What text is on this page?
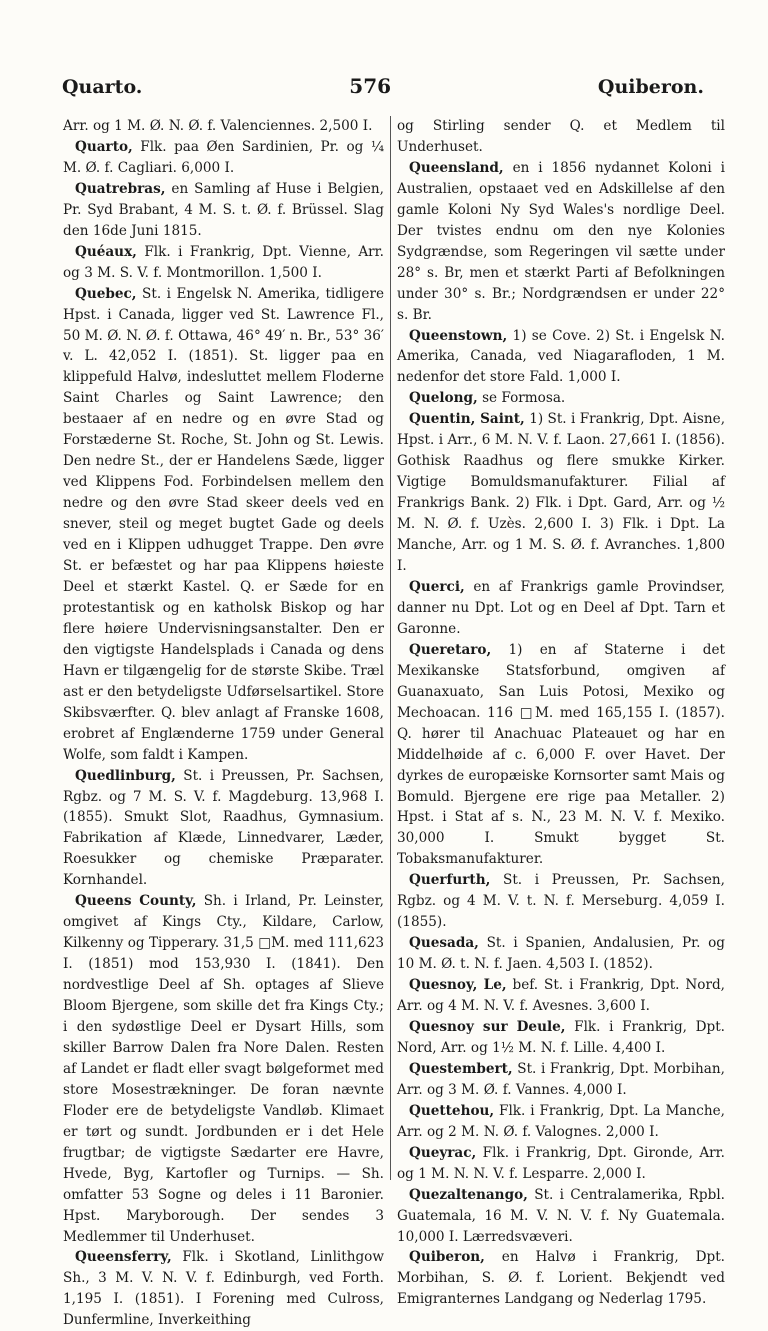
Quarto.	576	Quiberon.

Arr. og 1 M. Ø. N. Ø. f. Valenciennes. 2,500 I.

Quarto, Flk. paa Øen Sardinien, Pr. og ¼ M. Ø. f. Cagliari. 6,000 I.

Quatrebras, en Samling af Huse i Belgien, Pr. Syd Brabant, 4 M. S. t. Ø. f. Brüssel. Slag den 16de Juni 1815.

Quéaux, Flk. i Frankrig, Dpt. Vienne, Arr. og 3 M. S. V. f. Montmorillon. 1,500 I.

Quebec, St. i Engelsk N. Amerika, tidligere Hpst. i Canada, ligger ved St. Lawrence Fl., 50 M. Ø. N. Ø. f. Ottawa, 46° 49′ n. Br., 53° 36′ v. L. 42,052 I. (1851). St. ligger paa en klippefuld Halvø, indesluttet mellem Floderne Saint Charles og Saint Lawrence; den bestaaer af en nedre og en øvre Stad og Forstæderne St. Roche, St. John og St. Lewis. Den nedre St., der er Handelens Sæde, ligger ved Klippens Fod. Forbindelsen mellem den nedre og den øvre Stad skeer deels ved en snever, steil og meget bugtet Gade og deels ved en i Klippen udhugget Trappe. Den øvre St. er befæstet og har paa Klippens høieste Deel et stærkt Kastel. Q. er Sæde for en protestantisk og en katholsk Biskop og har flere høiere Undervisningsanstalter. Den er den vigtigste Handelsplads i Canada og dens Havn er tilgængelig for de største Skibe. Træl ast er den betydeligste Udførselsartikel. Store Skibsværfter. Q. blev anlagt af Franske 1608, erobret af Englænderne 1759 under General Wolfe, som faldt i Kampen.

Quedlinburg, St. i Preussen, Pr. Sachsen, Rgbz. og 7 M. S. V. f. Magdeburg. 13,968 I. (1855). Smukt Slot, Raadhus, Gymnasium. Fabrikation af Klæde, Linnedvarer, Læder, Roesukker og chemiske Præparater. Kornhandel.

Queens County, Sh. i Irland, Pr. Leinster, omgivet af Kings Cty., Kildare, Carlow, Kilkenny og Tipperary. 31,5 □M. med 111,623 I. (1851) mod 153,930 I. (1841). Den nordvestlige Deel af Sh. optages af Slieve Bloom Bjergene, som skille det fra Kings Cty.; i den sydøstlige Deel er Dysart Hills, som skiller Barrow Dalen fra Nore Dalen. Resten af Landet er fladt eller svagt bølgeformet med store Mosestrækninger. De foran nævnte Floder ere de betydeligste Vandløb. Klimaet er tørt og sundt. Jordbunden er i det Hele frugtbar; de vigtigste Sædarter ere Havre, Hvede, Byg, Kartofler og Turnips. — Sh. omfatter 53 Sogne og deles i 11 Baronier. Hpst. Maryborough. Der sendes 3 Medlemmer til Underhuset.

Queensferry, Flk. i Skotland, Linlithgow Sh., 3 M. V. N. V. f. Edinburgh, ved Forth. 1,195 I. (1851). I Forening med Culross, Dunfermline, Inverkeithing

og Stirling sender Q. et Medlem til Underhuset.

Queensland, en i 1856 nydannet Koloni i Australien, opstaaet ved en Adskillelse af den gamle Koloni Ny Syd Wales's nordlige Deel. Der tvistes endnu om den nye Kolonies Sydgrændse, som Regeringen vil sætte under 28° s. Br, men et stærkt Parti af Befolkningen under 30° s. Br.; Nordgrændsen er under 22° s. Br.

Queenstown, 1) se Cove. 2) St. i Engelsk N. Amerika, Canada, ved Niagarafloden, 1 M. nedenfor det store Fald. 1,000 I.

Quelong, se Formosa.

Quentin, Saint, 1) St. i Frankrig, Dpt. Aisne, Hpst. i Arr., 6 M. N. V. f. Laon. 27,661 I. (1856). Gothisk Raadhus og flere smukke Kirker. Vigtige Bomuldsmanufakturer. Filial af Frankrigs Bank. 2) Flk. i Dpt. Gard, Arr. og ½ M. N. Ø. f. Uzès. 2,600 I. 3) Flk. i Dpt. La Manche, Arr. og 1 M. S. Ø. f. Avranches. 1,800 I.

Querci, en af Frankrigs gamle Provindser, danner nu Dpt. Lot og en Deel af Dpt. Tarn et Garonne.

Queretaro, 1) en af Staterne i det Mexikanske Statsforbund, omgiven af Guanaxuato, San Luis Potosi, Mexiko og Mechoacan. 116 □M. med 165,155 I. (1857). Q. hører til Anachuac Plateauet og har en Middelhøide af c. 6,000 F. over Havet. Der dyrkes de europæiske Kornsorter samt Mais og Bomuld. Bjergene ere rige paa Metaller. 2) Hpst. i Stat af s. N., 23 M. N. V. f. Mexiko. 30,000 I. Smukt bygget St. Tobaksmanufakturer.

Querfurth, St. i Preussen, Pr. Sachsen, Rgbz. og 4 M. V. t. N. f. Merseburg. 4,059 I. (1855).

Quesada, St. i Spanien, Andalusien, Pr. og 10 M. Ø. t. N. f. Jaen. 4,503 I. (1852).

Quesnoy, Le, bef. St. i Frankrig, Dpt. Nord, Arr. og 4 M. N. V. f. Avesnes. 3,600 I.

Quesnoy sur Deule, Flk. i Frankrig, Dpt. Nord, Arr. og 1½ M. N. f. Lille. 4,400 I.

Questembert, St. i Frankrig, Dpt. Morbihan, Arr. og 3 M. Ø. f. Vannes. 4,000 I.

Quettehou, Flk. i Frankrig, Dpt. La Manche, Arr. og 2 M. N. Ø. f. Valognes. 2,000 I.

Queyrac, Flk. i Frankrig, Dpt. Gironde, Arr. og 1 M. N. N. V. f. Lesparre. 2,000 I.

Quezaltenango, St. i Centralamerika, Rpbl. Guatemala, 16 M. V. N. V. f. Ny Guatemala. 10,000 I. Lærredsvæveri.

Quiberon, en Halvø i Frankrig, Dpt. Morbihan, S. Ø. f. Lorient. Bekjendt ved Emigranternes Landgang og Nederlag 1795.
